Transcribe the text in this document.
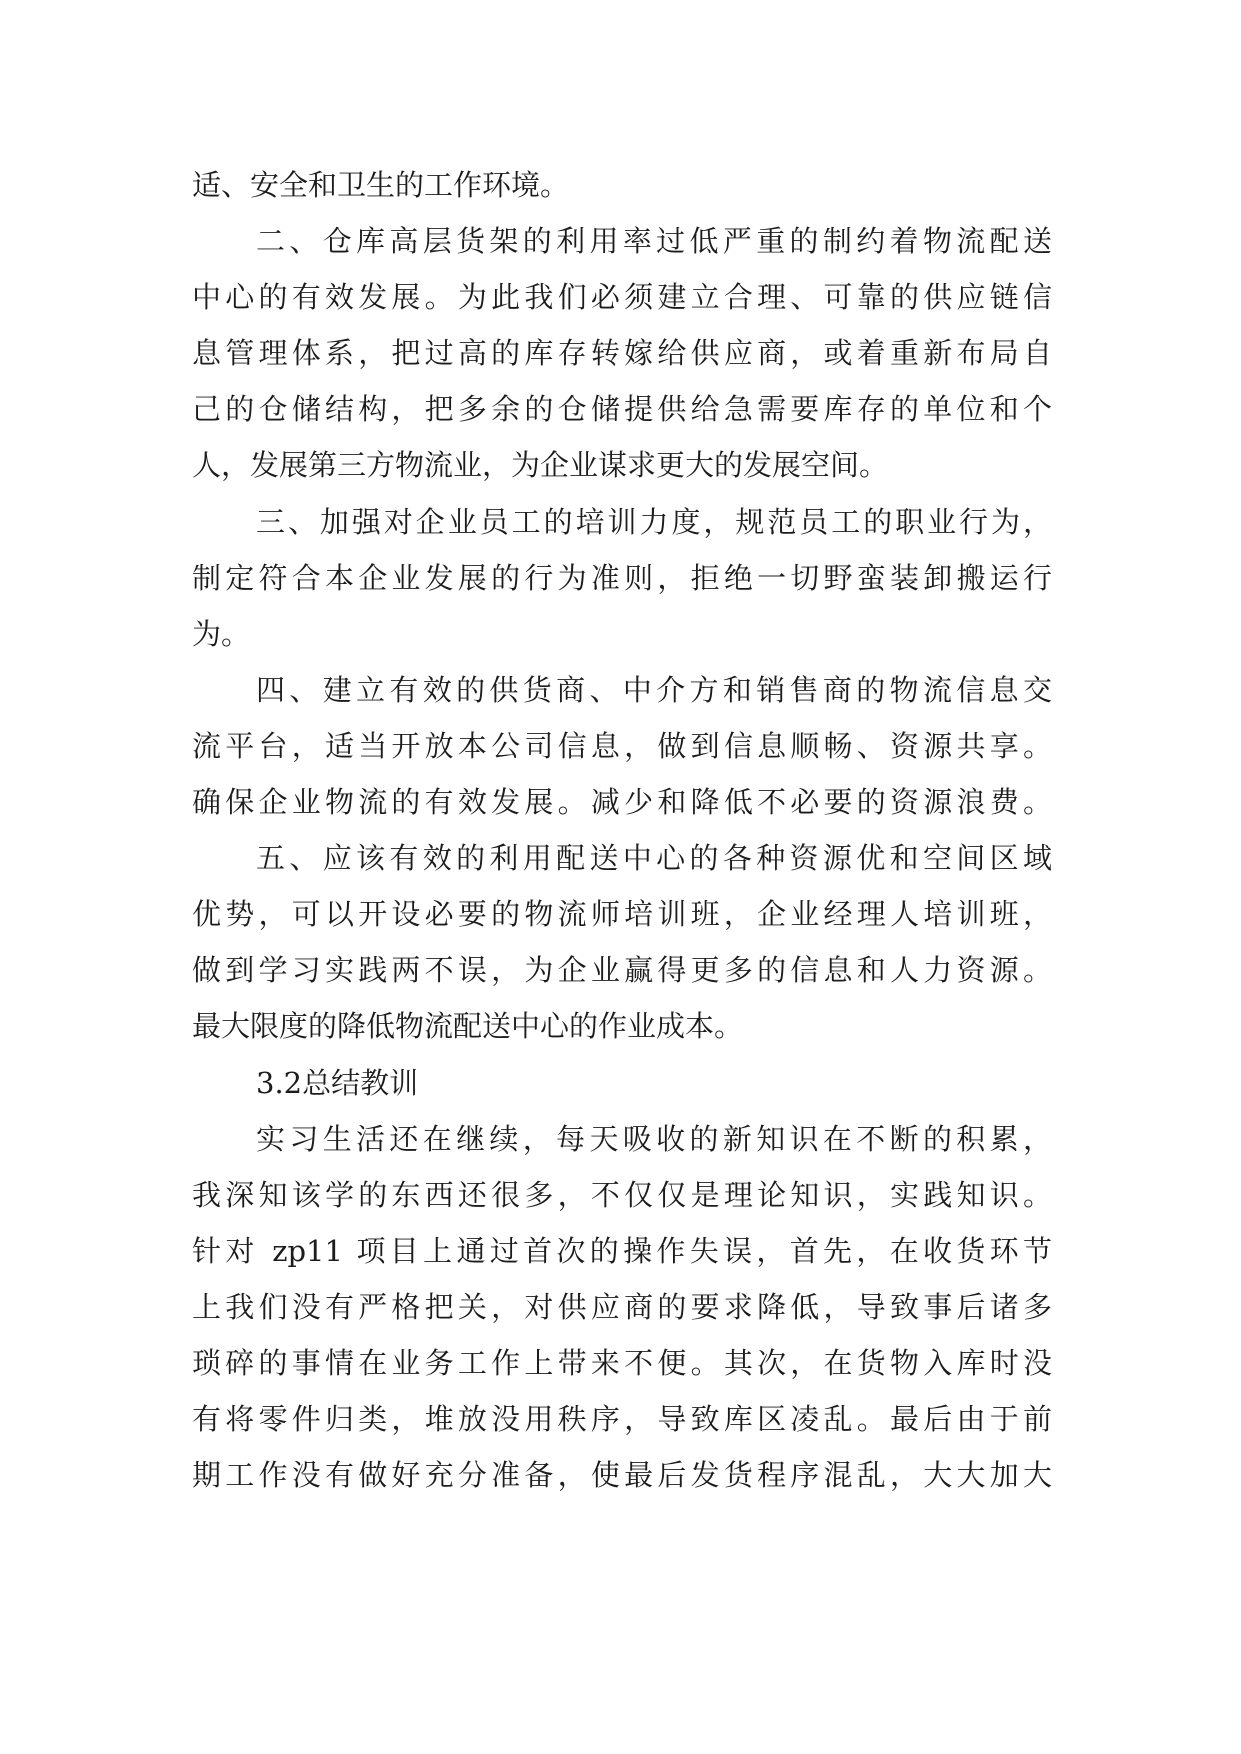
适、安全和卫生的工作环境。
二、仓库高层货架的利用率过低严重的制约着物流配送
中心的有效发展。为此我们必须建立合理、可靠的供应链信
息管理体系，把过高的库存转嫁给供应商，或着重新布局自
己的仓储结构，把多余的仓储提供给急需要库存的单位和个
人，发展第三方物流业，为企业谋求更大的发展空间。
三、加强对企业员工的培训力度，规范员工的职业行为，
制定符合本企业发展的行为准则，拒绝一切野蛮装卸搬运行
为。
四、建立有效的供货商、中介方和销售商的物流信息交
流平台，适当开放本公司信息，做到信息顺畅、资源共享。
确保企业物流的有效发展。减少和降低不必要的资源浪费。
五、应该有效的利用配送中心的各种资源优和空间区域
优势，可以开设必要的物流师培训班，企业经理人培训班，
做到学习实践两不误，为企业赢得更多的信息和人力资源。
最大限度的降低物流配送中心的作业成本。
3.2总结教训
实习生活还在继续，每天吸收的新知识在不断的积累，
我深知该学的东西还很多，不仅仅是理论知识，实践知识。
针对 zp11 项目上通过首次的操作失误，首先，在收货环节
上我们没有严格把关，对供应商的要求降低，导致事后诸多
琐碎的事情在业务工作上带来不便。其次，在货物入库时没
有将零件归类，堆放没用秩序，导致库区凌乱。最后由于前
期工作没有做好充分准备，使最后发货程序混乱，大大加大
